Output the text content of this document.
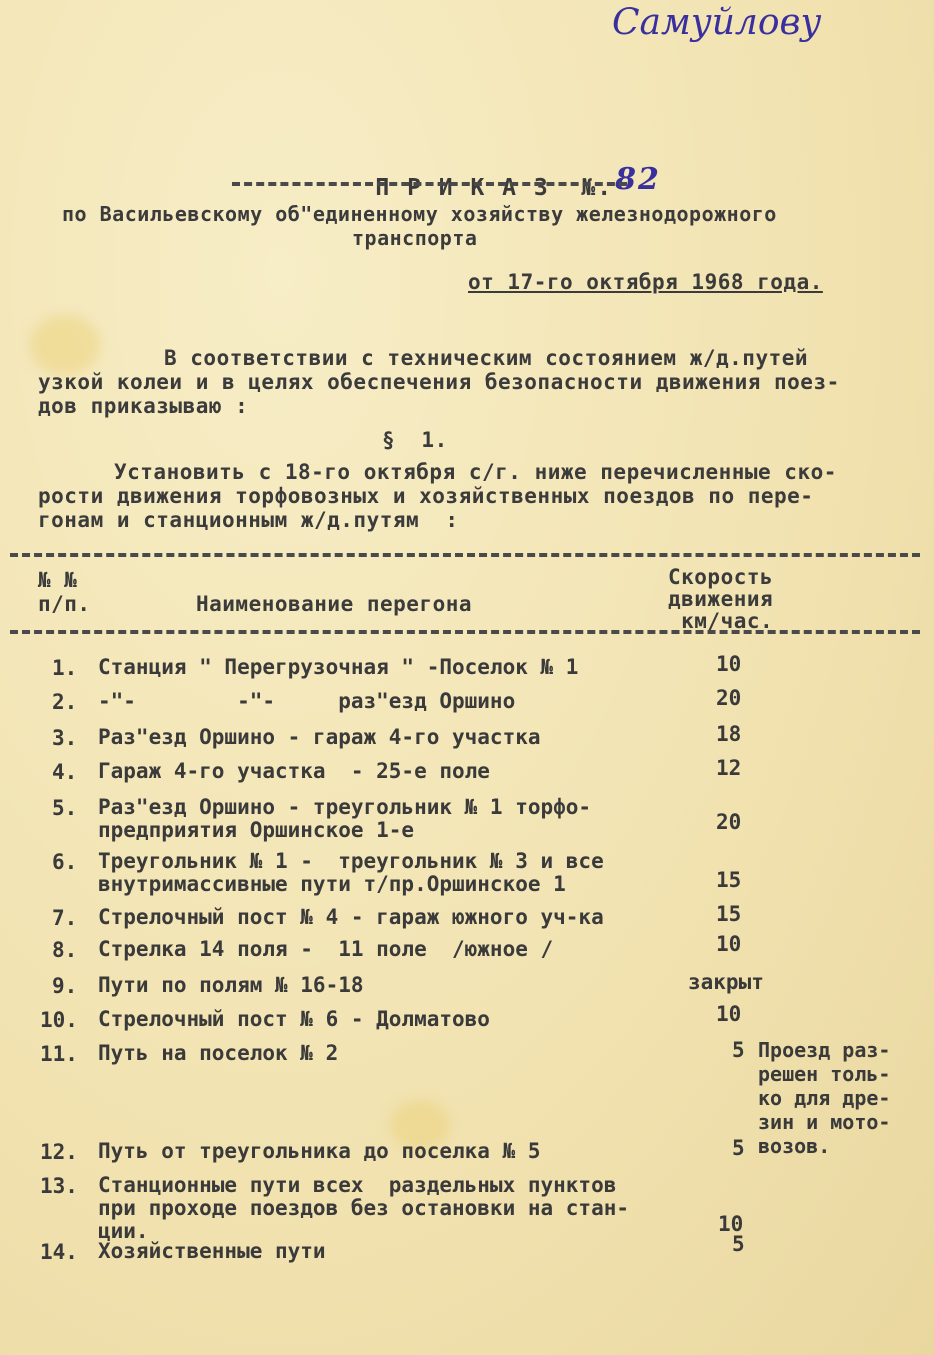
Самуйловy

П Р И К А З  №.82

по Васильевскому об"единенному хозяйству железнодорожного
транспорта
от 17-го октября 1968 года.
В соответствии с техническим состоянием ж/д.путей
узкой колеи и в целях обеспечения безопасности движения поез-
дов приказываю :
§  1.
Установить с 18-го октября с/г. ниже перечисленные ско-
рости движения торфовозных и хозяйственных поездов по пере-
гонам и станционным ж/д.путям  :
№ №
п/п.	Наименование перегона
Скорость
движения
км/час.
1. Станция " Перегрузочная " -Поселок № 1	10
2. -"-        -"-     раз"езд Оршино	20
3. Раз"езд Оршино - гараж 4-го участка	18
4. Гараж 4-го участка  - 25-е поле	12
5. Раз"езд Оршино - треугольник № 1 торфо-
предприятия Оршинское 1-е	20
6. Треугольник № 1 -  треугольник № 3 и все
внутримассивные пути т/пр.Оршинское 1	15
7. Стрелочный пост № 4 - гараж южного уч-ка	15
8. Стрелка 14 поля -  11 поле  /южное /	10
9. Пути по полям № 16-18	закрыт
10. Стрелочный пост № 6 - Долматово	10
11. Путь на поселок № 2	5 Проезд раз-
решен толь-
ко для дре-
зин и мото-
возов.
12. Путь от треугольника до поселка № 5	5
13. Станционные пути всех  раздельных пунктов
при проходе поездов без остановки на стан-
ции.	10
14. Хозяйственные пути	5
